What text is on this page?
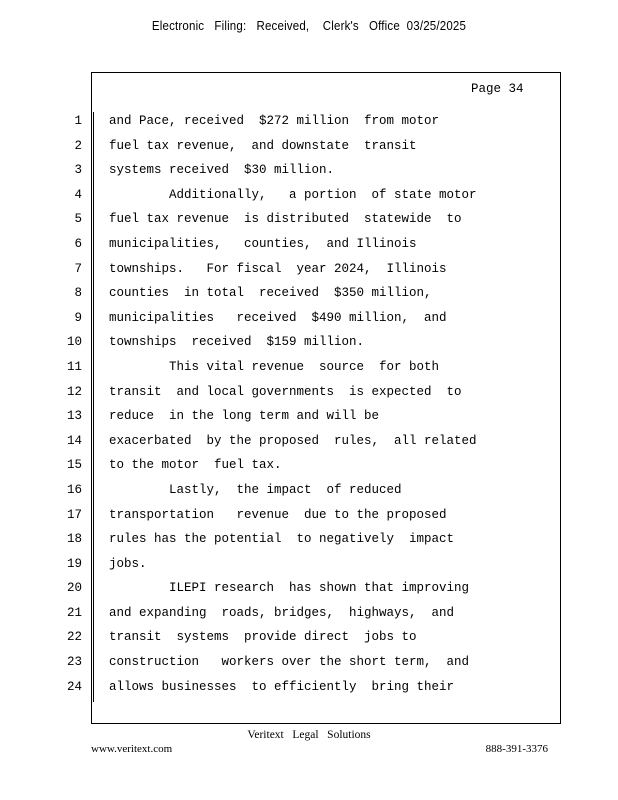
Electronic   Filing:   Received,    Clerk's   Office  03/25/2025
Page 34
1
2
3
4
5
6
7
8
9
10
11
12
13
14
15
16
17
18
19
20
21
22
23
24
and Pace, received  $272 million  from motor
fuel tax revenue,  and downstate  transit
systems received  $30 million.
Additionally,   a portion  of state motor
fuel tax revenue  is distributed  statewide  to
municipalities,   counties,  and Illinois
townships.   For fiscal  year 2024,  Illinois
counties  in total  received  $350 million,
municipalities   received  $490 million,  and
townships  received  $159 million.
This vital revenue  source  for both
transit  and local governments  is expected  to
reduce  in the long term and will be
exacerbated  by the proposed  rules,  all related
to the motor  fuel tax.
Lastly,  the impact  of reduced
transportation   revenue  due to the proposed
rules has the potential  to negatively  impact
jobs.
ILEPI research  has shown that improving
and expanding  roads, bridges,  highways,  and
transit  systems  provide direct  jobs to
construction   workers over the short term,  and
allows businesses  to efficiently  bring their
Veritext   Legal   Solutions
www.veritext.com	888-391-3376
